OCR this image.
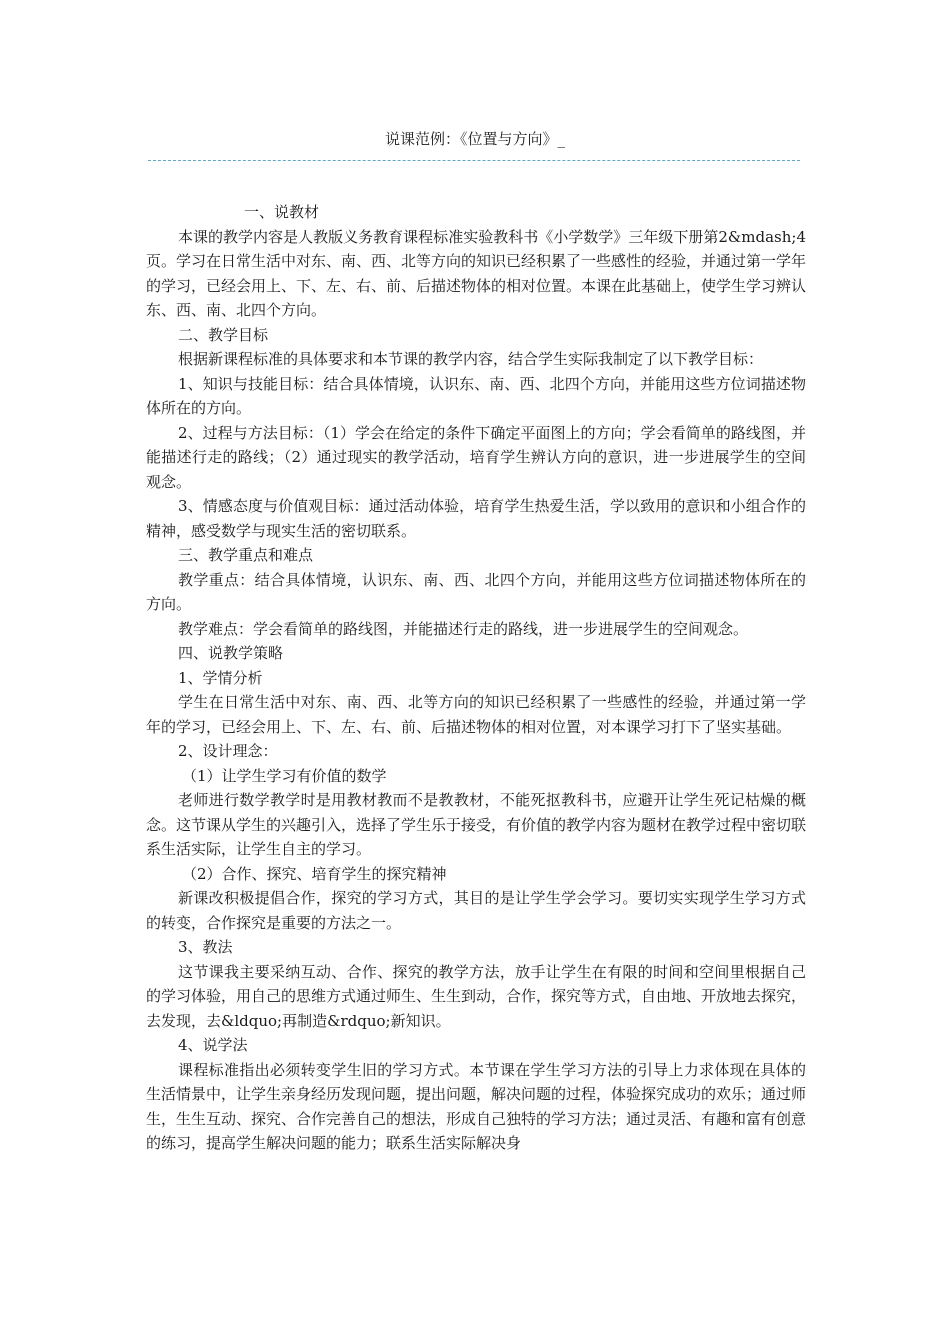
说课范例：《位置与方向》_

一、说教材

本课的教学内容是人教版义务教育课程标准实验教科书《小学数学》三年级下册第2&mdash;4页。学习在日常生活中对东、南、西、北等方向的知识已经积累了一些感性的经验，并通过第一学年的学习，已经会用上、下、左、右、前、后描述物体的相对位置。本课在此基础上，使学生学习辨认东、西、南、北四个方向。

二、教学目标

根据新课程标准的具体要求和本节课的教学内容，结合学生实际我制定了以下教学目标：

1、知识与技能目标：结合具体情境，认识东、南、西、北四个方向，并能用这些方位词描述物体所在的方向。

2、过程与方法目标：（1）学会在给定的条件下确定平面图上的方向；学会看简单的路线图，并能描述行走的路线；（2）通过现实的教学活动，培育学生辨认方向的意识，进一步进展学生的空间观念。

3、情感态度与价值观目标：通过活动体验，培育学生热爱生活，学以致用的意识和小组合作的精神，感受数学与现实生活的密切联系。

三、教学重点和难点

教学重点：结合具体情境，认识东、南、西、北四个方向，并能用这些方位词描述物体所在的方向。

教学难点：学会看简单的路线图，并能描述行走的路线，进一步进展学生的空间观念。

四、说教学策略

1、学情分析

学生在日常生活中对东、南、西、北等方向的知识已经积累了一些感性的经验，并通过第一学年的学习，已经会用上、下、左、右、前、后描述物体的相对位置，对本课学习打下了坚实基础。

2、设计理念：

（1）让学生学习有价值的数学

老师进行数学教学时是用教材教而不是教教材，不能死抠教科书，应避开让学生死记枯燥的概念。这节课从学生的兴趣引入，选择了学生乐于接受，有价值的教学内容为题材在教学过程中密切联系生活实际，让学生自主的学习。

（2）合作、探究、培育学生的探究精神

新课改积极提倡合作，探究的学习方式，其目的是让学生学会学习。要切实实现学生学习方式的转变，合作探究是重要的方法之一。

3、教法

这节课我主要采纳互动、合作、探究的教学方法，放手让学生在有限的时间和空间里根据自己的学习体验，用自己的思维方式通过师生、生生到动，合作，探究等方式，自由地、开放地去探究，去发现，去&ldquo;再制造&rdquo;新知识。

4、说学法

课程标准指出必须转变学生旧的学习方式。本节课在学生学习方法的引导上力求体现在具体的生活情景中，让学生亲身经历发现问题，提出问题，解决问题的过程，体验探究成功的欢乐；通过师生，生生互动、探究、合作完善自己的想法，形成自己独特的学习方法；通过灵活、有趣和富有创意的练习，提高学生解决问题的能力；联系生活实际解决身
